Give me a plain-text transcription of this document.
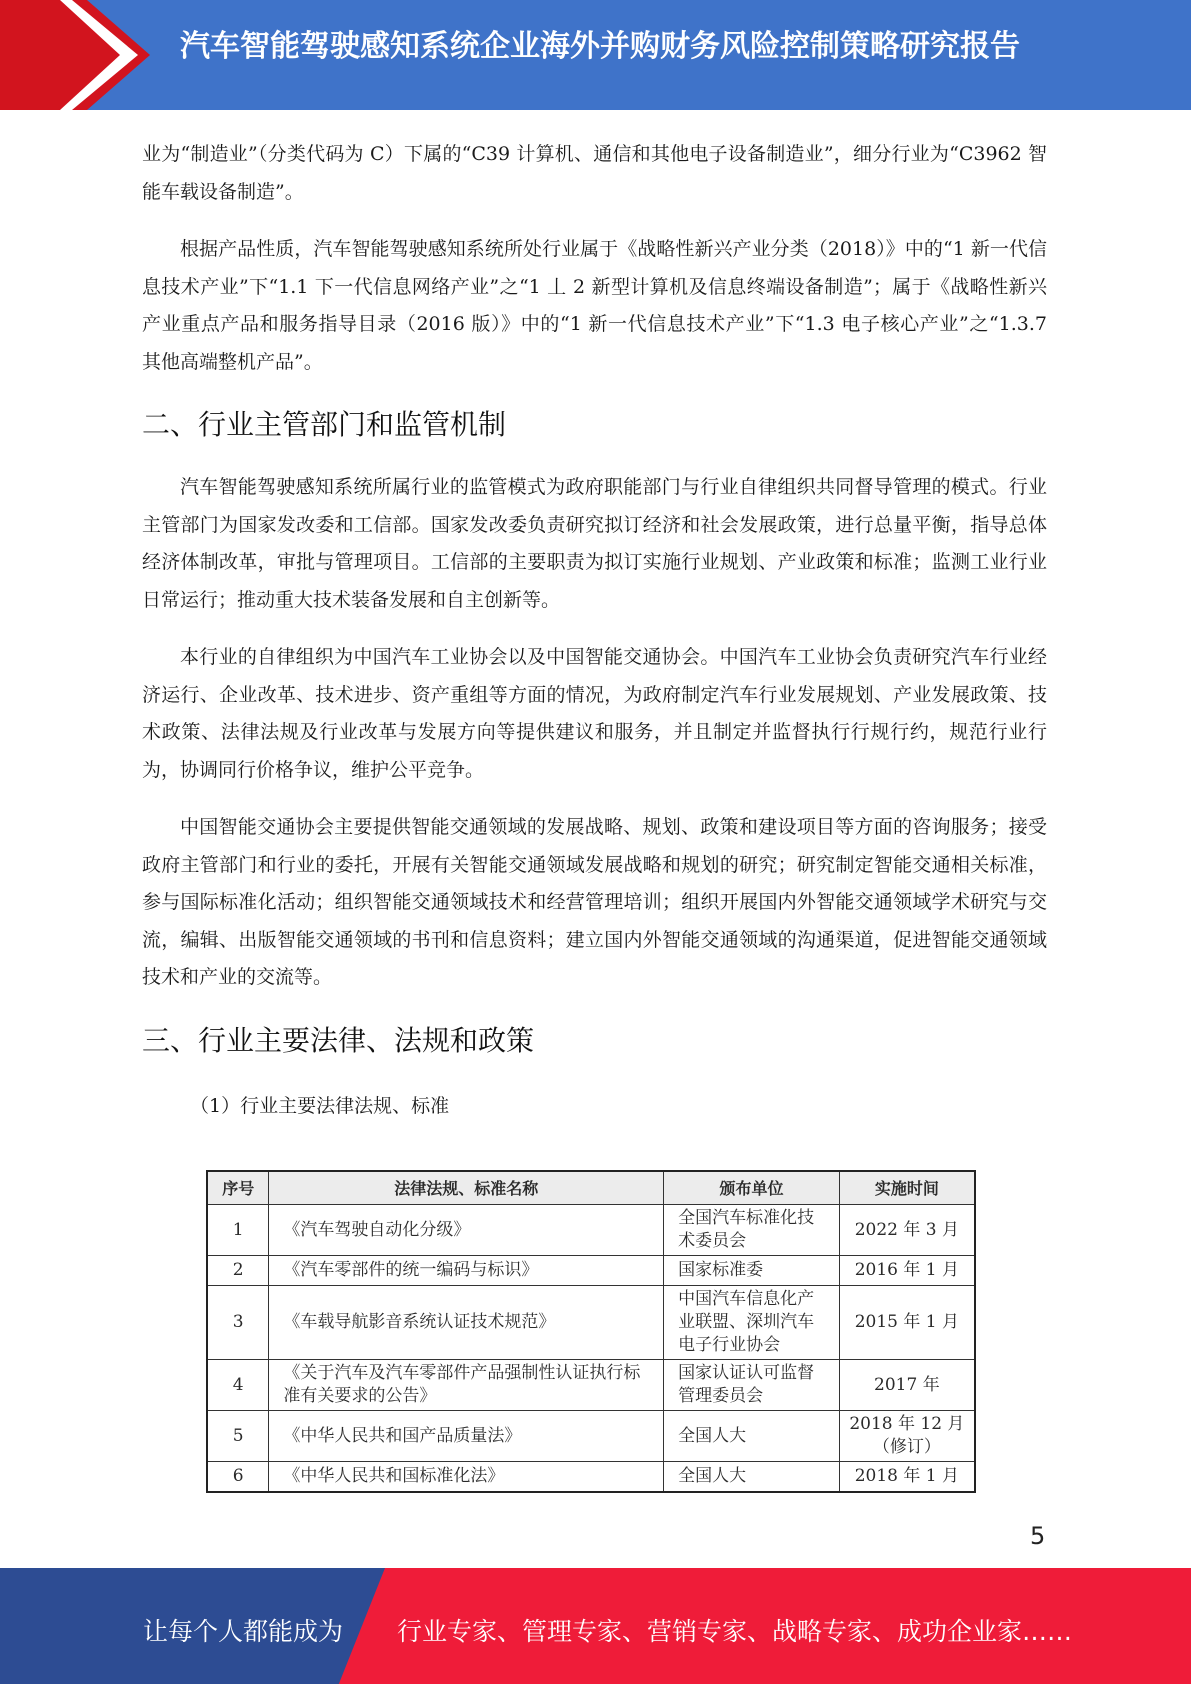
汽车智能驾驶感知系统企业海外并购财务风险控制策略研究报告

业为“制造业”（分类代码为 C）下属的“C39 计算机、通信和其他电子设备制造业”，细分行业为“C3962 智能车载设备制造”。

根据产品性质，汽车智能驾驶感知系统所处行业属于《战略性新兴产业分类（2018）》中的“1 新一代信息技术产业”下“1.1 下一代信息网络产业”之“1 丄 2 新型计算机及信息终端设备制造”；属于《战略性新兴产业重点产品和服务指导目录（2016 版）》中的“1 新一代信息技术产业”下“1.3 电子核心产业”之“1.3.7 其他高端整机产品”。

二、行业主管部门和监管机制

汽车智能驾驶感知系统所属行业的监管模式为政府职能部门与行业自律组织共同督导管理的模式。行业主管部门为国家发改委和工信部。国家发改委负责研究拟订经济和社会发展政策，进行总量平衡，指导总体经济体制改革，审批与管理项目。工信部的主要职责为拟订实施行业规划、产业政策和标准；监测工业行业日常运行；推动重大技术装备发展和自主创新等。

本行业的自律组织为中国汽车工业协会以及中国智能交通协会。中国汽车工业协会负责研究汽车行业经济运行、企业改革、技术进步、资产重组等方面的情况，为政府制定汽车行业发展规划、产业发展政策、技术政策、法律法规及行业改革与发展方向等提供建议和服务，并且制定并监督执行行规行约，规范行业行为，协调同行价格争议，维护公平竞争。

中国智能交通协会主要提供智能交通领域的发展战略、规划、政策和建设项目等方面的咨询服务；接受政府主管部门和行业的委托，开展有关智能交通领域发展战略和规划的研究；研究制定智能交通相关标准，参与国际标准化活动；组织智能交通领域技术和经营管理培训；组织开展国内外智能交通领域学术研究与交流，编辑、出版智能交通领域的书刊和信息资料；建立国内外智能交通领域的沟通渠道，促进智能交通领域技术和产业的交流等。

三、行业主要法律、法规和政策
（1）行业主要法律法规、标准
序号	法律法规、标准名称	颁布单位	实施时间
1	《汽车驾驶自动化分级》	全国汽车标准化技术委员会	2022 年 3 月
2	《汽车零部件的统一编码与标识》	国家标准委	2016 年 1 月
3	《车载导航影音系统认证技术规范》	中国汽车信息化产业联盟、深圳汽车电子行业协会	2015 年 1 月
4	《关于汽车及汽车零部件产品强制性认证执行标准有关要求的公告》	国家认证认可监督管理委员会	2017 年
5	《中华人民共和国产品质量法》	全国人大	2018 年 12 月（修订）
6	《中华人民共和国标准化法》	全国人大	2018 年 1 月
5
让每个人都能成为 行业专家、管理专家、营销专家、战略专家、成功企业家……
